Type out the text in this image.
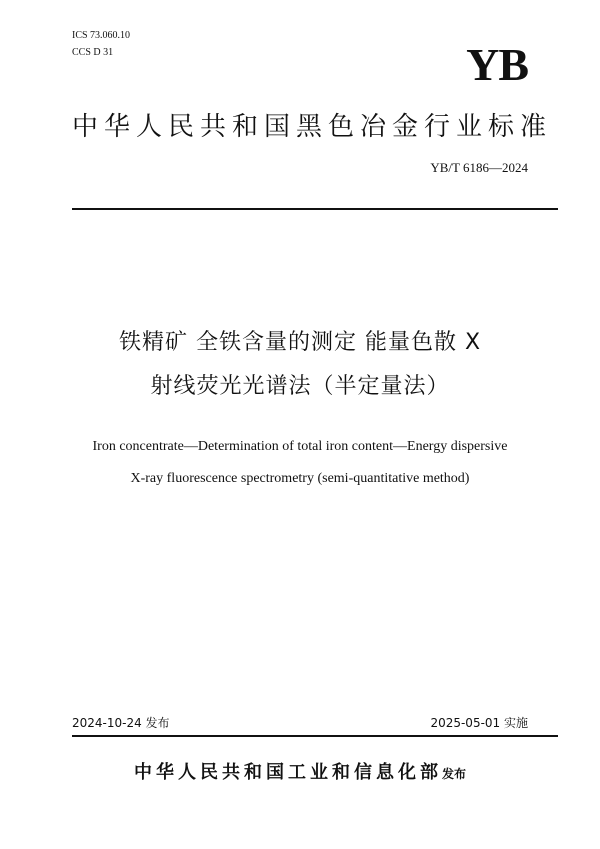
ICS 73.060.10
CCS D 31	YB
中华人民共和国黑色冶金行业标准
YB/T 6186—2024
铁精矿 全铁含量的测定 能量色散 X
射线荧光光谱法（半定量法）
Iron concentrate—Determination of total iron content—Energy dispersive
X-ray fluorescence spectrometry (semi-quantitative method)
2024-10-24 发布	2025-05-01 实施
中华人民共和国工业和信息化部发布
